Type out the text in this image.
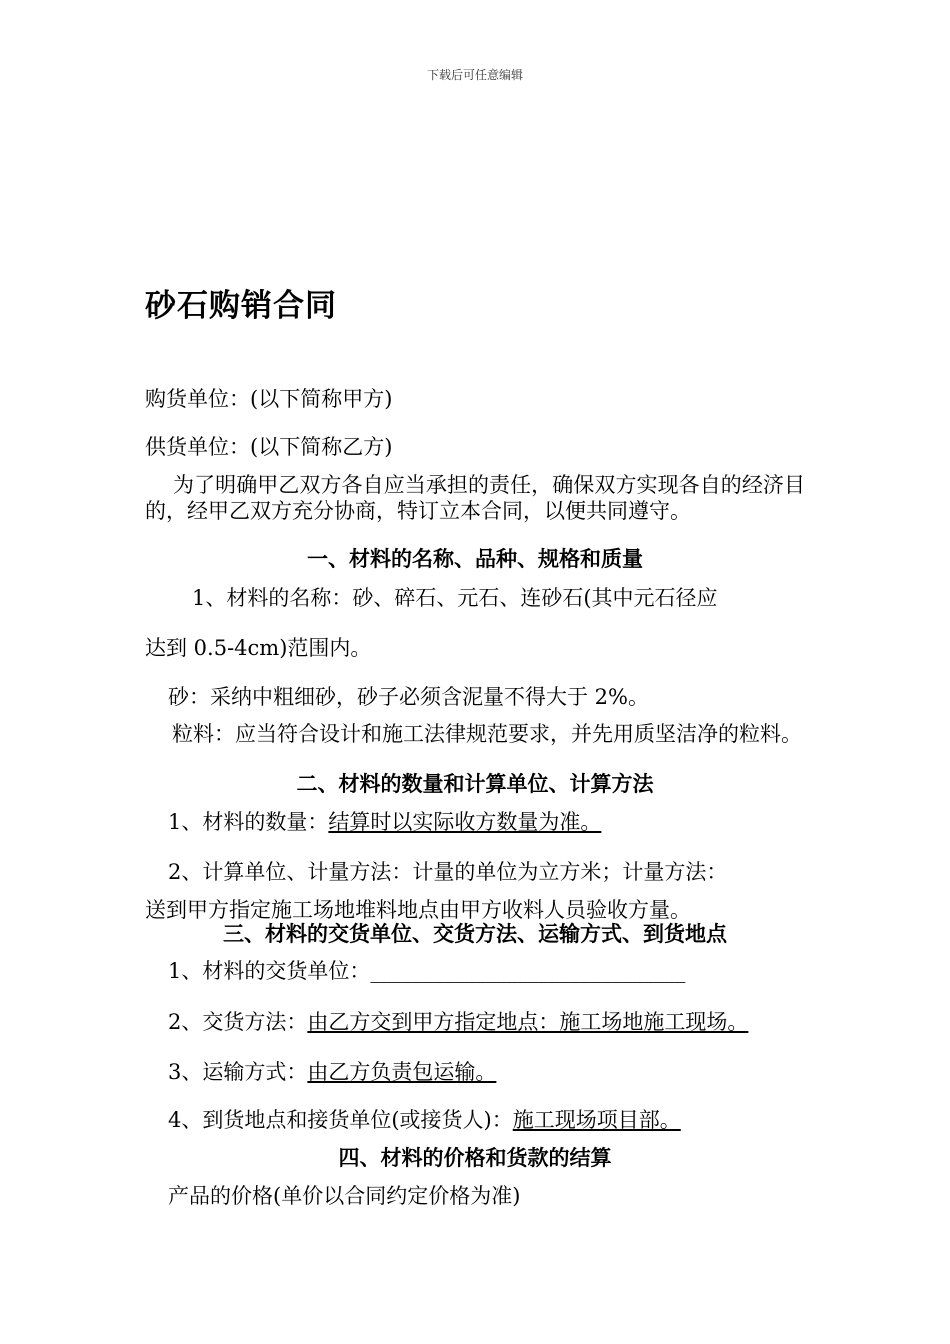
下载后可任意编辑
砂石购销合同
购货单位：(以下简称甲方)
供货单位：(以下简称乙方)
为了明确甲乙双方各自应当承担的责任，确保双方实现各自的经济目的，经甲乙双方充分协商，特订立本合同，以便共同遵守。
一、材料的名称、品种、规格和质量
1、材料的名称：砂、碎石、元石、连砂石(其中元石径应
达到 0.5-4cm)范围内。
砂：采纳中粗细砂，砂子必须含泥量不得大于 2%。
粒料：应当符合设计和施工法律规范要求，并先用质坚洁净的粒料。
二、材料的数量和计算单位、计算方法
1、材料的数量：结算时以实际收方数量为准。
2、计算单位、计量方法：计量的单位为立方米；计量方法：
送到甲方指定施工场地堆料地点由甲方收料人员验收方量。
三、材料的交货单位、交货方法、运输方式、到货地点
1、材料的交货单位：______________________________
2、交货方法：由乙方交到甲方指定地点：施工场地施工现场。
3、运输方式：由乙方负责包运输。
4、到货地点和接货单位(或接货人)：施工现场项目部。
四、材料的价格和货款的结算
产品的价格(单价以合同约定价格为准)
